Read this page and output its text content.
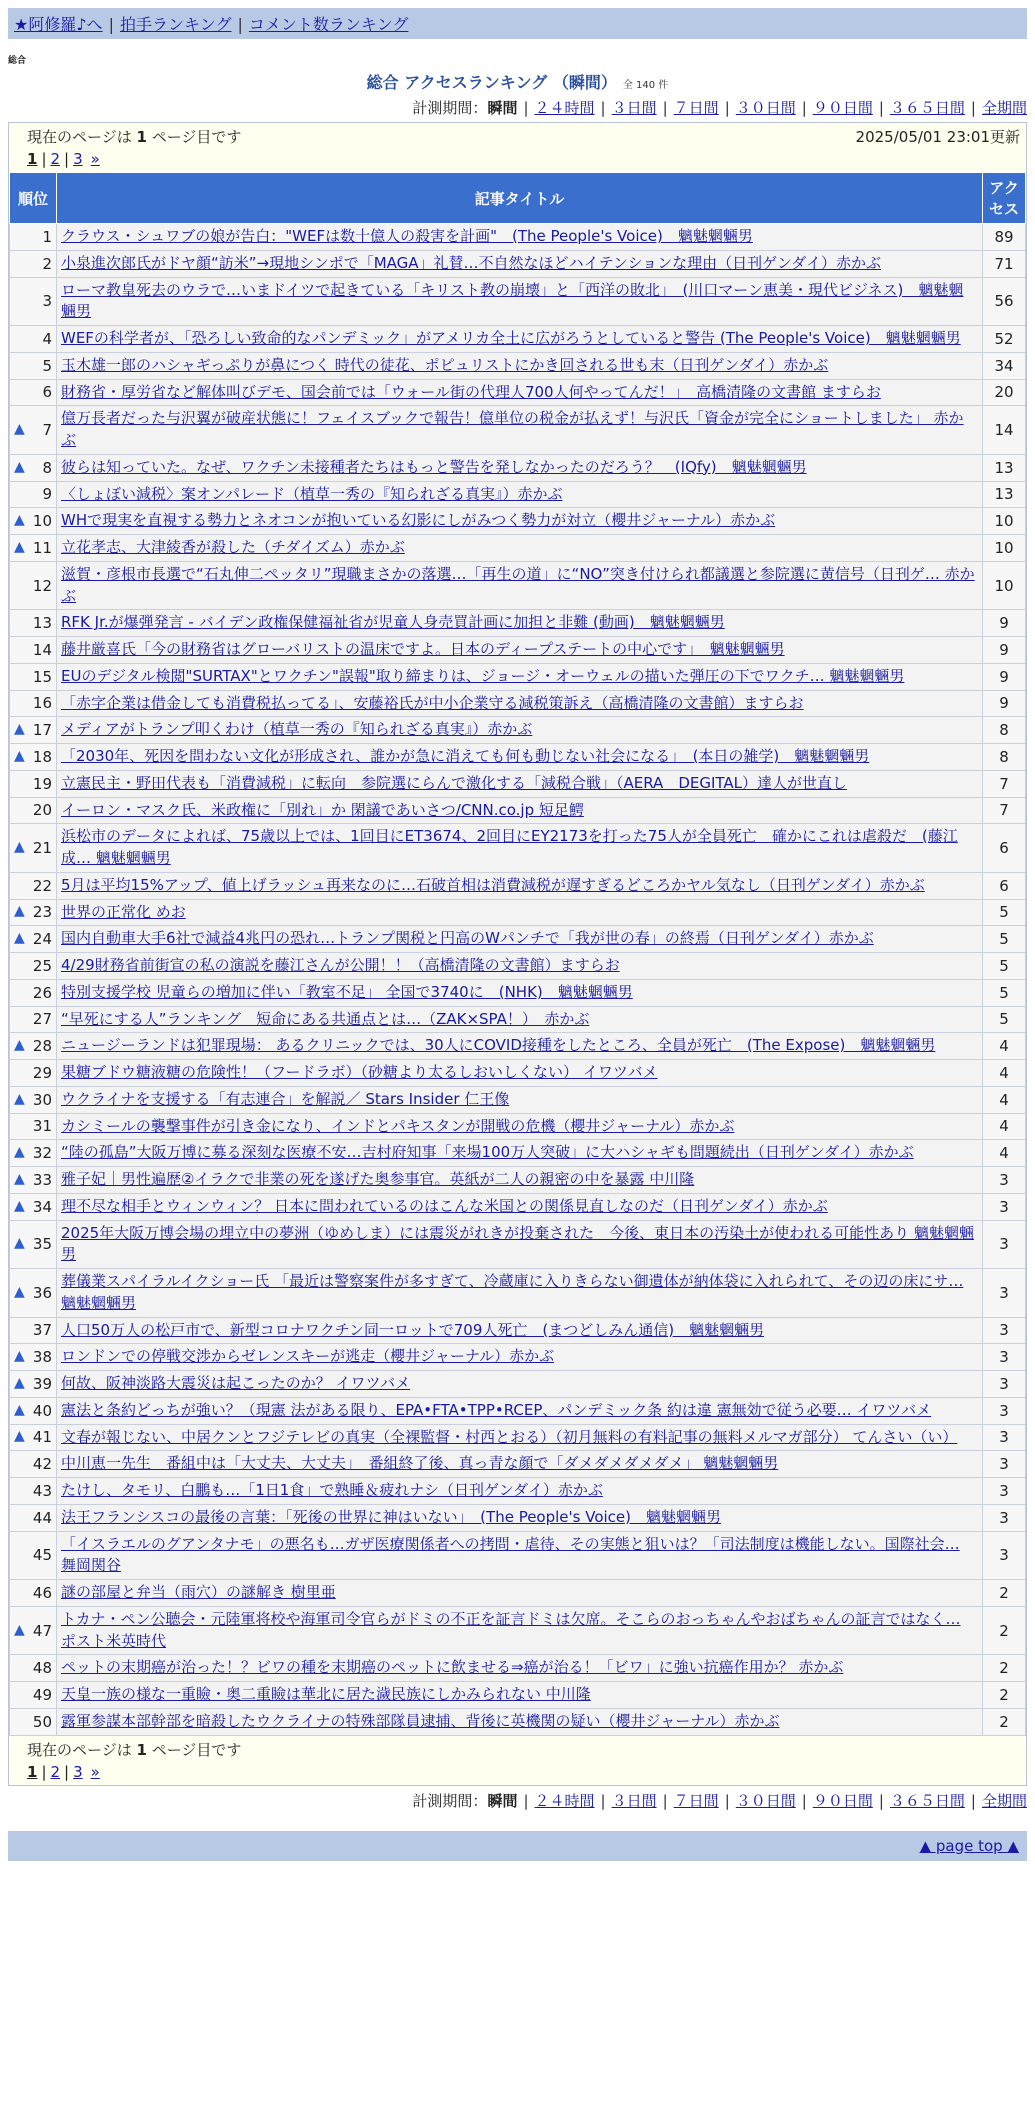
★阿修羅♪へ | 拍手ランキング | コメント数ランキング
総合
総合 アクセスランキング （瞬間） 全 140 件
計測期間：瞬間 | ２４時間 | ３日間 | ７日間 | ３０日間 | ９０日間 | ３６５日間 | 全期間
現在のページは 1 ページ目です	2025/05/01 23:01更新
1 | 2 | 3 »
順位	記事タイトル	アクセス
1	クラウス・シュワブの娘が告白："WEFは数十億人の殺害を計画"　(The People's Voice)　魑魅魍魎男	89
2	小泉進次郎氏がドヤ顔“訪米”→現地シンポで「MAGA」礼賛…不自然なほどハイテンションな理由（日刊ゲンダイ）赤かぶ	71
3	ローマ教皇死去のウラで…いまドイツで起きている「キリスト教の崩壊」と「西洋の敗北」　(川口マーン恵美・現代ビジネス)　魑魅魍魎男	56
4	WEFの科学者が、「恐ろしい致命的なパンデミック」がアメリカ全土に広がろうとしていると警告 (The People's Voice)　魑魅魍魎男	52
5	玉木雄一郎のハシャギっぷりが鼻につく 時代の徒花、ポピュリストにかき回される世も末（日刊ゲンダイ）赤かぶ	34
6	財務省・厚労省など解体叫びデモ、国会前では「ウォール街の代理人700人何やってんだ！」　高橋清隆の文書館 ますらお	20

▲ 7	億万長者だった与沢翼が破産状態に！フェイスブックで報告！億単位の税金が払えず！与沢氏「資金が完全にショートしました」 赤かぶ	14

▲ 8	彼らは知っていた。なぜ、ワクチン未接種者たちはもっと警告を発しなかったのだろう？　(IQfy)　魑魅魍魎男	13
9	〈しょぼい減税〉案オンパレード（植草一秀の『知られざる真実』）赤かぶ	13

▲ 10	WHで現実を直視する勢力とネオコンが抱いている幻影にしがみつく勢力が対立（櫻井ジャーナル）赤かぶ	10

▲ 11	立花孝志、大津綾香が殺した（チダイズム）赤かぶ	10
12	滋賀・彦根市長選で“石丸伸二ペッタリ”現職まさかの落選…「再生の道」に“NO”突き付けられ都議選と参院選に黄信号（日刊ゲ… 赤かぶ	10
13	RFK Jr.が爆弾発言 - バイデン政権保健福祉省が児童人身売買計画に加担と非難 (動画)　魑魅魍魎男	9
14	藤井厳喜氏「今の財務省はグローバリストの温床ですよ。日本のディープステートの中心です」　魑魅魍魎男	9
15	EUのデジタル検閲"SURTAX"とワクチン"誤報"取り締まりは、ジョージ・オーウェルの描いた弾圧の下でワクチ… 魑魅魍魎男	9
16	「赤字企業は借金しても消費税払ってる」、安藤裕氏が中小企業守る減税策訴え（高橋清隆の文書館）ますらお	9

▲ 17	メディアがトランプ叩くわけ（植草一秀の『知られざる真実』）赤かぶ	8

▲ 18	「2030年、死因を問わない文化が形成され、誰かが急に消えても何も動じない社会になる」　(本日の雑学)　魑魅魍魎男	8
19	立憲民主・野田代表も「消費減税」に転向　参院選にらんで激化する「減税合戦」（AERA　DEGITAL）達人が世直し	7
20	イーロン・マスク氏、米政権に「別れ」か 閑議であいさつ/CNN.co.jp 短足鰐	7

▲ 21	浜松市のデータによれば、75歳以上では、1回目にET3674、2回目にEY2173を打った75人が全員死亡　確かにこれは虐殺だ　(藤江成… 魑魅魍魎男	6
22	5月は平均15%アップ、値上げラッシュ再来なのに…石破首相は消費減税が遅すぎるどころかヤル気なし（日刊ゲンダイ）赤かぶ	6

▲ 23	世界の正常化 めお	5

▲ 24	国内自動車大手6社で減益4兆円の恐れ…トランプ関税と円高のWパンチで「我が世の春」の終焉（日刊ゲンダイ）赤かぶ	5
25	4/29財務省前街宣の私の演説を藤江さんが公開！！（高橋清隆の文書館）ますらお	5
26	特別支援学校 児童らの増加に伴い「教室不足」 全国で3740に　(NHK)　魑魅魍魎男	5
27	“早死にする人”ランキング　短命にある共通点とは…（ZAK×SPA！）　赤かぶ	5

▲ 28	ニュージーランドは犯罪現場： あるクリニックでは、30人にCOVID接種をしたところ、全員が死亡　(The Expose)　魑魅魍魎男	4
29	果糖ブドウ糖液糖の危険性！（フードラボ）（砂糖より太るしおいしくない） イワツバメ	4

▲ 30	ウクライナを支援する「有志連合」を解説／ Stars Insider 仁王像	4
31	カシミールの襲撃事件が引き金になり、インドとパキスタンが開戦の危機（櫻井ジャーナル）赤かぶ	4

▲ 32	“陸の孤島”大阪万博に募る深刻な医療不安…吉村府知事「来場100万人突破」に大ハシャギも問題続出（日刊ゲンダイ）赤かぶ	4

▲ 33	雅子妃｜男性遍歴②イラクで非業の死を遂げた奥参事官。英紙が二人の親密の中を暴露 中川隆	3

▲ 34	理不尽な相手とウィンウィン？ 日本に問われているのはこんな米国との関係見直しなのだ（日刊ゲンダイ）赤かぶ	3

▲ 35	2025年大阪万博会場の埋立中の夢洲（ゆめしま）には震災がれきが投棄された　今後、東日本の汚染土が使われる可能性あり 魑魅魍魎男	3

▲ 36	葬儀業スパイラルイクショー氏 「最近は警察案件が多すぎて、冷蔵庫に入りきらない御遺体が納体袋に入れられて、その辺の床にサ… 魑魅魍魎男	3
37	人口50万人の松戸市で、新型コロナワクチン同一ロットで709人死亡　(まつどしみん通信)　魑魅魍魎男	3

▲ 38	ロンドンでの停戦交渉からゼレンスキーが逃走（櫻井ジャーナル）赤かぶ	3

▲ 39	何故、阪神淡路大震災は起こったのか？ イワツバメ	3

▲ 40	憲法と条約どっちが強い？（現憲 法がある限り、EPA•FTA•TPP•RCEP、パンデミック条 約は違 憲無効で従う必要… イワツバメ	3

▲ 41	文春が報じない、中居クンとフジテレビの真実（全裸監督・村西とおる）（初月無料の有料記事の無料メルマガ部分） てんさい（い）	3
42	中川恵一先生　番組中は「大丈夫、大丈夫」　番組終了後、真っ青な顔で「ダメダメダメダメ」 魑魅魍魎男	3
43	たけし、タモリ、白鵬も…「1日1食」で熟睡＆疲れナシ（日刊ゲンダイ）赤かぶ	3
44	法王フランシスコの最後の言葉：「死後の世界に神はいない」　(The People's Voice)　魑魅魍魎男	3
45	「イスラエルのグアンタナモ」の悪名も…ガザ医療関係者への拷問・虐待、その実態と狙いは？「司法制度は機能しない。国際社会… 舞岡関谷	3
46	謎の部屋と弁当（雨穴）の謎解き 樹里亜	2

▲ 47	トカナ・ペン公聴会・元陸軍将校や海軍司令官らがドミの不正を証言ドミは欠席。そこらのおっちゃんやおばちゃんの証言ではなく… ポスト米英時代	2
48	ペットの末期癌が治った！？ビワの種を末期癌のペットに飲ませる⇒癌が治る！「ビワ」に強い抗癌作用か？ 赤かぶ	2
49	天皇一族の様な一重瞼・奥二重瞼は華北に居た濊民族にしかみられない 中川隆	2
50	露軍参謀本部幹部を暗殺したウクライナの特殊部隊員逮捕、背後に英機関の疑い（櫻井ジャーナル）赤かぶ	2
現在のページは 1 ページ目です
1 | 2 | 3 »
計測期間：瞬間 | ２４時間 | ３日間 | ７日間 | ３０日間 | ９０日間 | ３６５日間 | 全期間
▲ page top ▲
